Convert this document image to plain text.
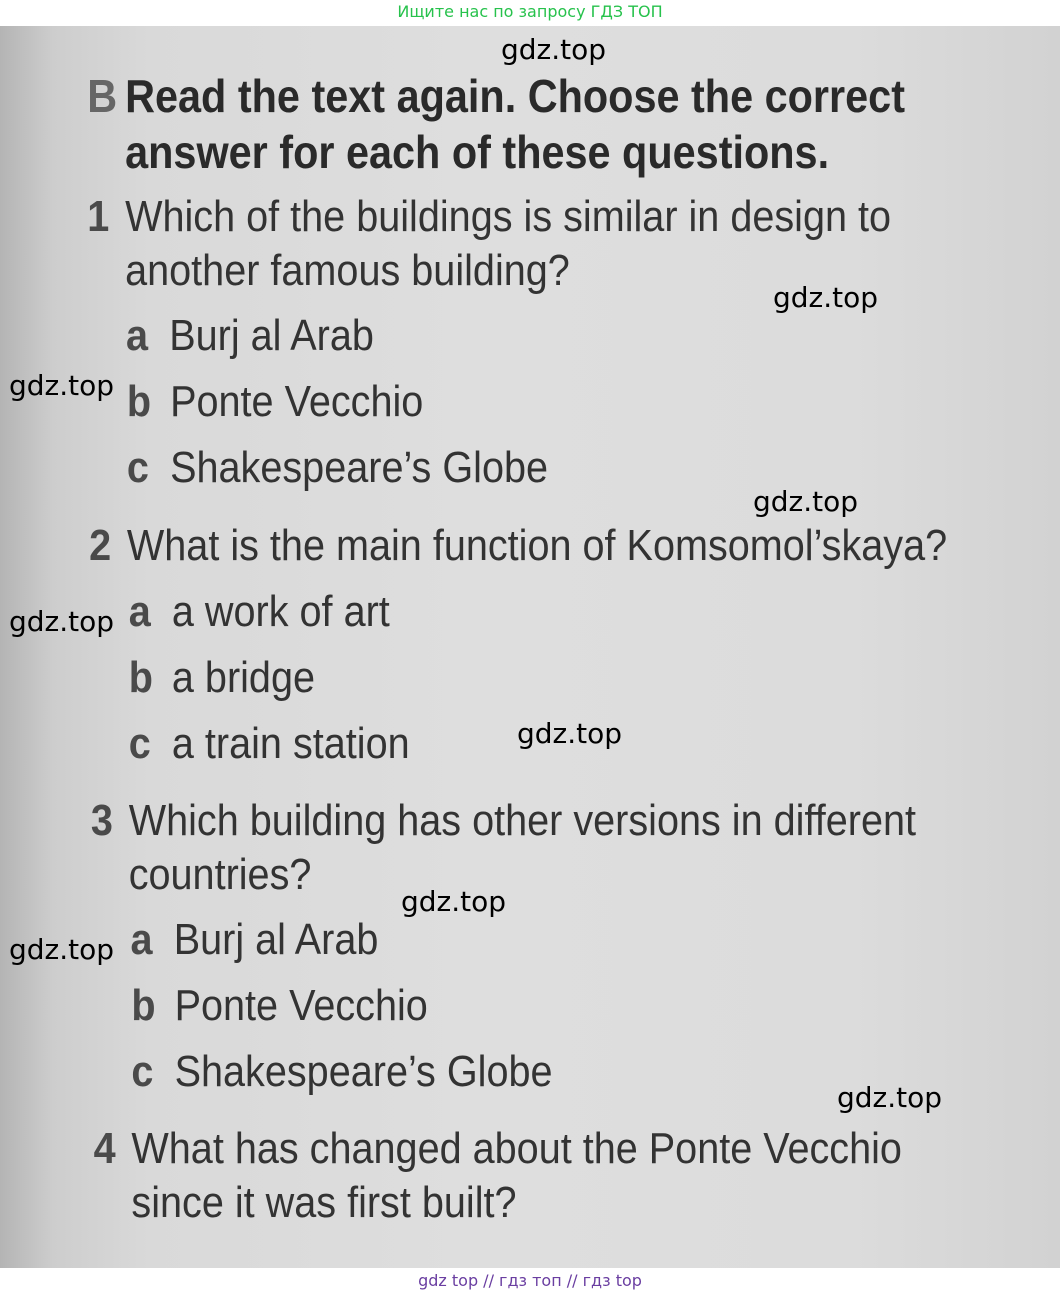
Ищите нас по запросу ГДЗ ТОП
B Read the text again. Choose the correct
answer for each of these questions.
1 Which of the buildings is similar in design to
another famous building?
a Burj al Arab
b Ponte Vecchio
c Shakespeare’s Globe
2 What is the main function of Komsomol’skaya?
a a work of art
b a bridge
c a train station
3 Which building has other versions in different
countries?
a Burj al Arab
b Ponte Vecchio
c Shakespeare’s Globe
4 What has changed about the Ponte Vecchio
since it was first built?
gdz.top
gdz.top
gdz.top
gdz.top
gdz.top
gdz.top
gdz.top
gdz.top
gdz.top
gdz top // гдз топ // гдз top
